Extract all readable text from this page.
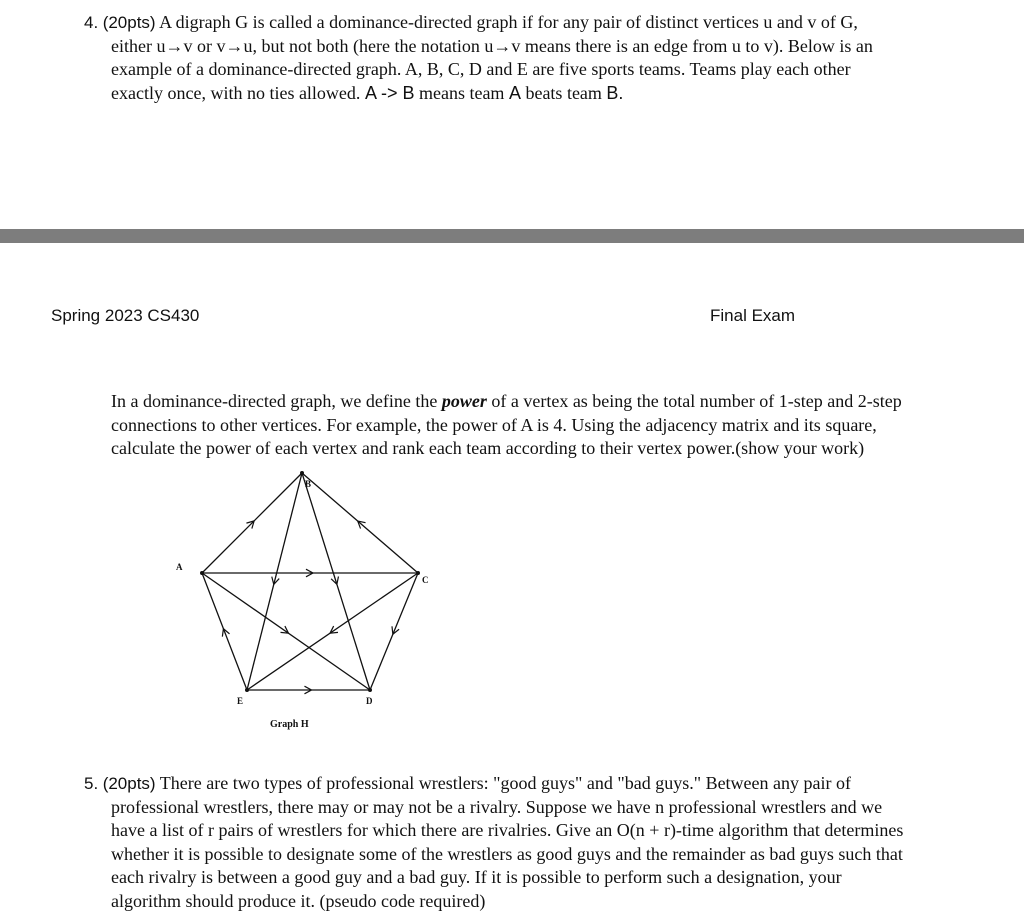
4. (20pts) A digraph G is called a dominance-directed graph if for any pair of distinct vertices u and v of G,
either u→v or v→u, but not both (here the notation u→v means there is an edge from u to v). Below is an
example of a dominance-directed graph. A, B, C, D and E are five sports teams. Teams play each other
exactly once, with no ties allowed. A -> B means team A beats team B.
Spring 2023 CS430	Final Exam
In a dominance-directed graph, we define the power of a vertex as being the total number of 1-step and 2-step
connections to other vertices. For example, the power of A is 4. Using the adjacency matrix and its square,
calculate the power of each vertex and rank each team according to their vertex power.(show your work)
A
B
C
D
E
Graph H
5. (20pts) There are two types of professional wrestlers: "good guys" and "bad guys." Between any pair of
professional wrestlers, there may or may not be a rivalry. Suppose we have n professional wrestlers and we
have a list of r pairs of wrestlers for which there are rivalries. Give an O(n + r)-time algorithm that determines
whether it is possible to designate some of the wrestlers as good guys and the remainder as bad guys such that
each rivalry is between a good guy and a bad guy. If it is possible to perform such a designation, your
algorithm should produce it. (pseudo code required)
